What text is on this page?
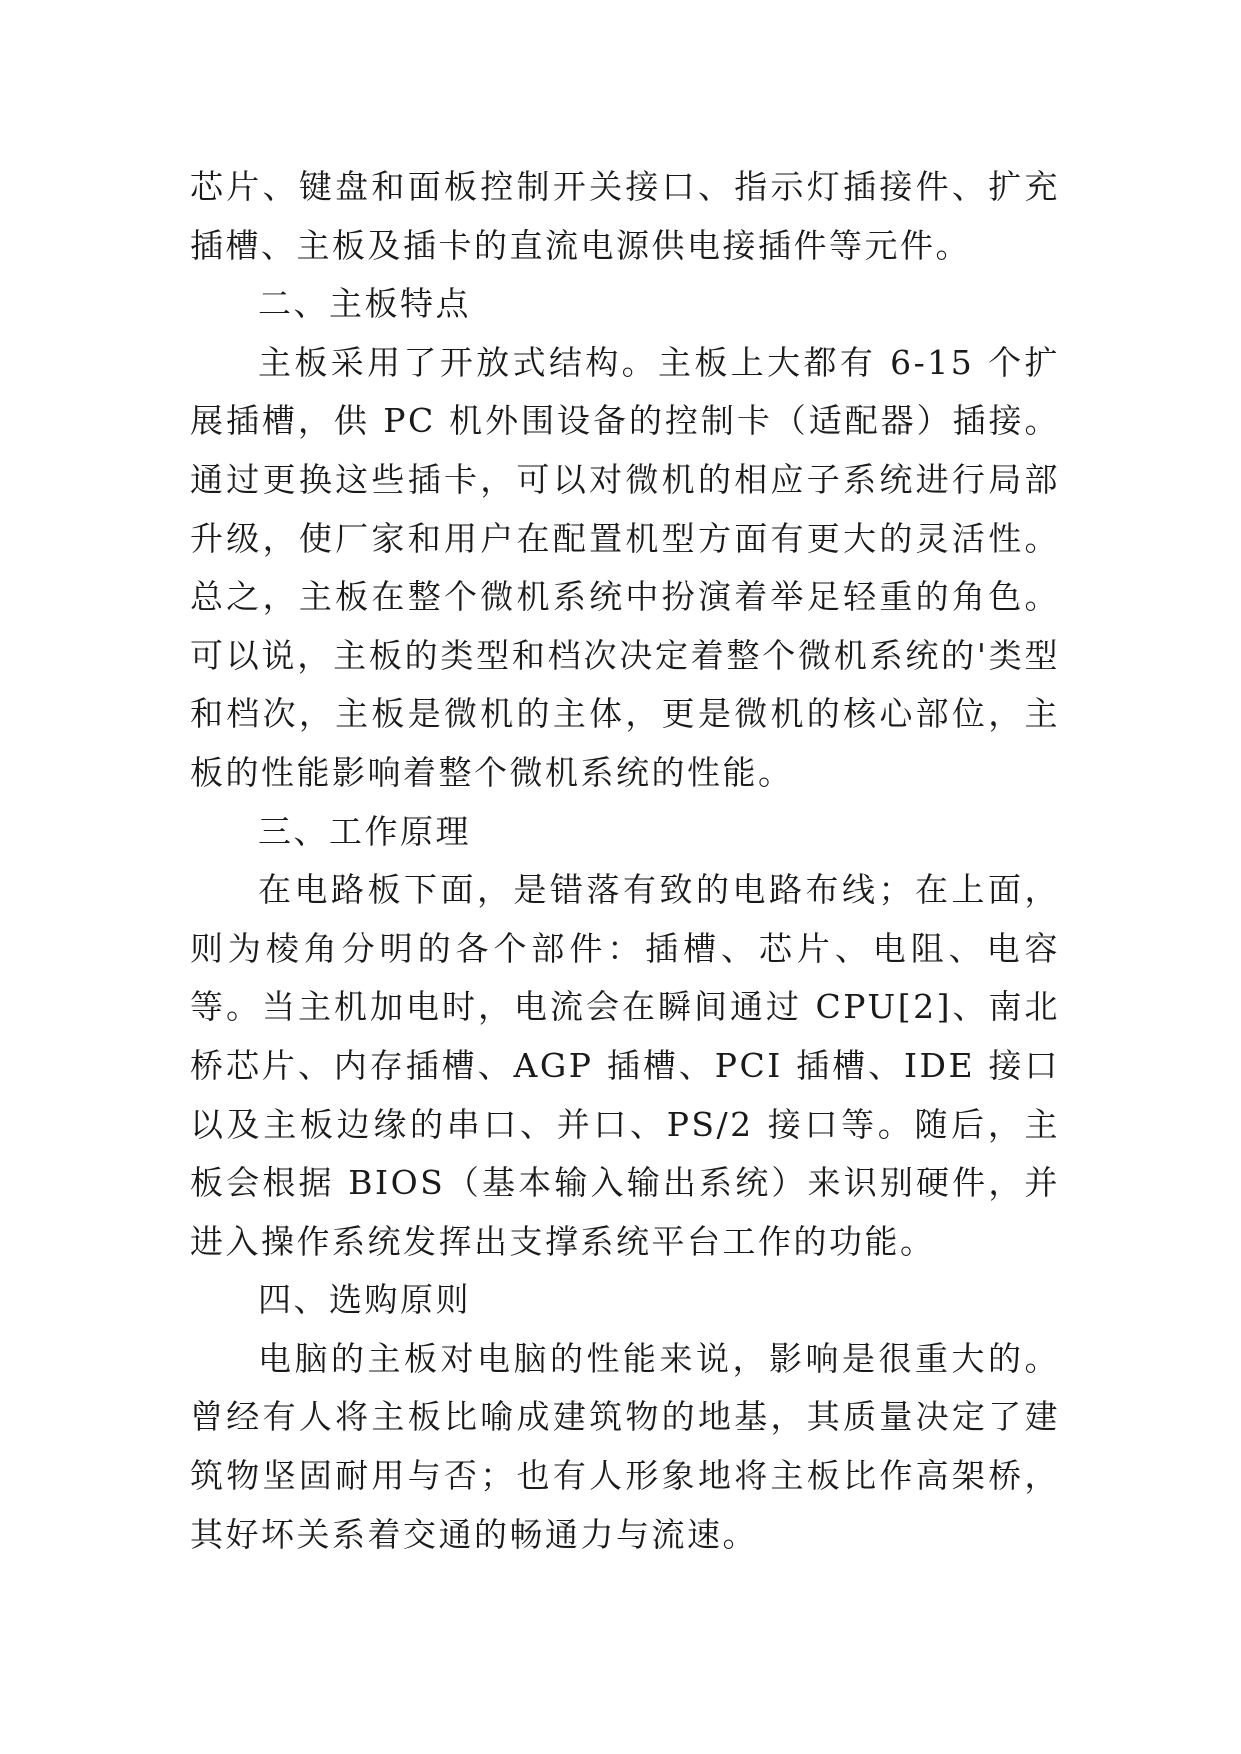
芯片、键盘和面板控制开关接口、指示灯插接件、扩充插槽、主板及插卡的直流电源供电接插件等元件。

二、主板特点

主板采用了开放式结构。主板上大都有 6-15 个扩展插槽，供 PC 机外围设备的控制卡（适配器）插接。通过更换这些插卡，可以对微机的相应子系统进行局部升级，使厂家和用户在配置机型方面有更大的灵活性。总之，主板在整个微机系统中扮演着举足轻重的角色。可以说，主板的类型和档次决定着整个微机系统的'类型和档次，主板是微机的主体，更是微机的核心部位，主板的性能影响着整个微机系统的性能。

三、工作原理

在电路板下面，是错落有致的电路布线；在上面，则为棱角分明的各个部件：插槽、芯片、电阻、电容等。当主机加电时，电流会在瞬间通过 CPU[2]、南北桥芯片、内存插槽、AGP 插槽、PCI 插槽、IDE 接口以及主板边缘的串口、并口、PS/2 接口等。随后，主板会根据 BIOS（基本输入输出系统）来识别硬件，并进入操作系统发挥出支撑系统平台工作的功能。

四、选购原则

电脑的主板对电脑的性能来说，影响是很重大的。曾经有人将主板比喻成建筑物的地基，其质量决定了建筑物坚固耐用与否；也有人形象地将主板比作高架桥，其好坏关系着交通的畅通力与流速。
